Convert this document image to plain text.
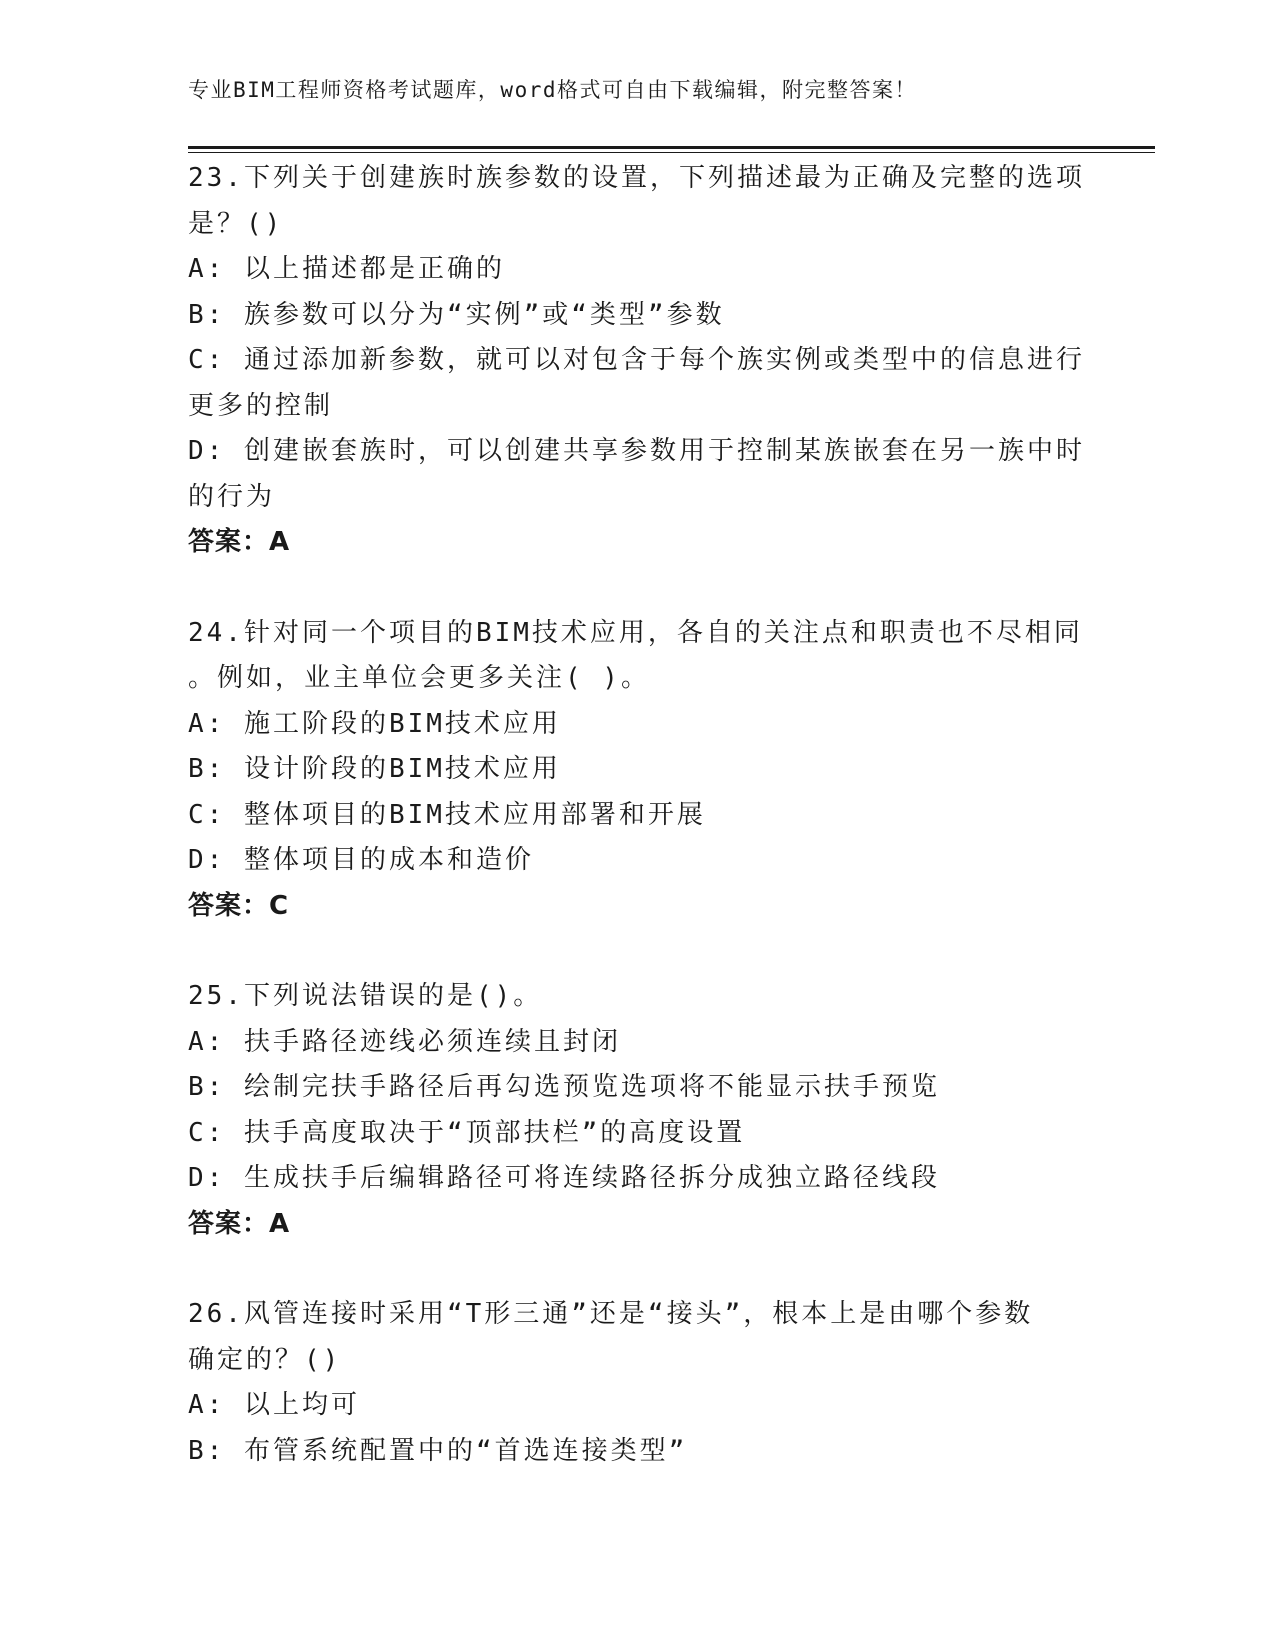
专业BIM工程师资格考试题库，word格式可自由下载编辑，附完整答案！

23.下列关于创建族时族参数的设置，下列描述最为正确及完整的选项

是？()

A: 以上描述都是正确的

B: 族参数可以分为“实例”或“类型”参数

C: 通过添加新参数，就可以对包含于每个族实例或类型中的信息进行

更多的控制

D: 创建嵌套族时，可以创建共享参数用于控制某族嵌套在另一族中时

的行为

答案：A

24.针对同一个项目的BIM技术应用，各自的关注点和职责也不尽相同

。例如，业主单位会更多关注( )。

A: 施工阶段的BIM技术应用

B: 设计阶段的BIM技术应用

C: 整体项目的BIM技术应用部署和开展

D: 整体项目的成本和造价

答案：C

25.下列说法错误的是()。

A: 扶手路径迹线必须连续且封闭

B: 绘制完扶手路径后再勾选预览选项将不能显示扶手预览

C: 扶手高度取决于“顶部扶栏”的高度设置

D: 生成扶手后编辑路径可将连续路径拆分成独立路径线段

答案：A

26.风管连接时采用“T形三通”还是“接头”，根本上是由哪个参数

确定的？()

A: 以上均可

B: 布管系统配置中的“首选连接类型”
